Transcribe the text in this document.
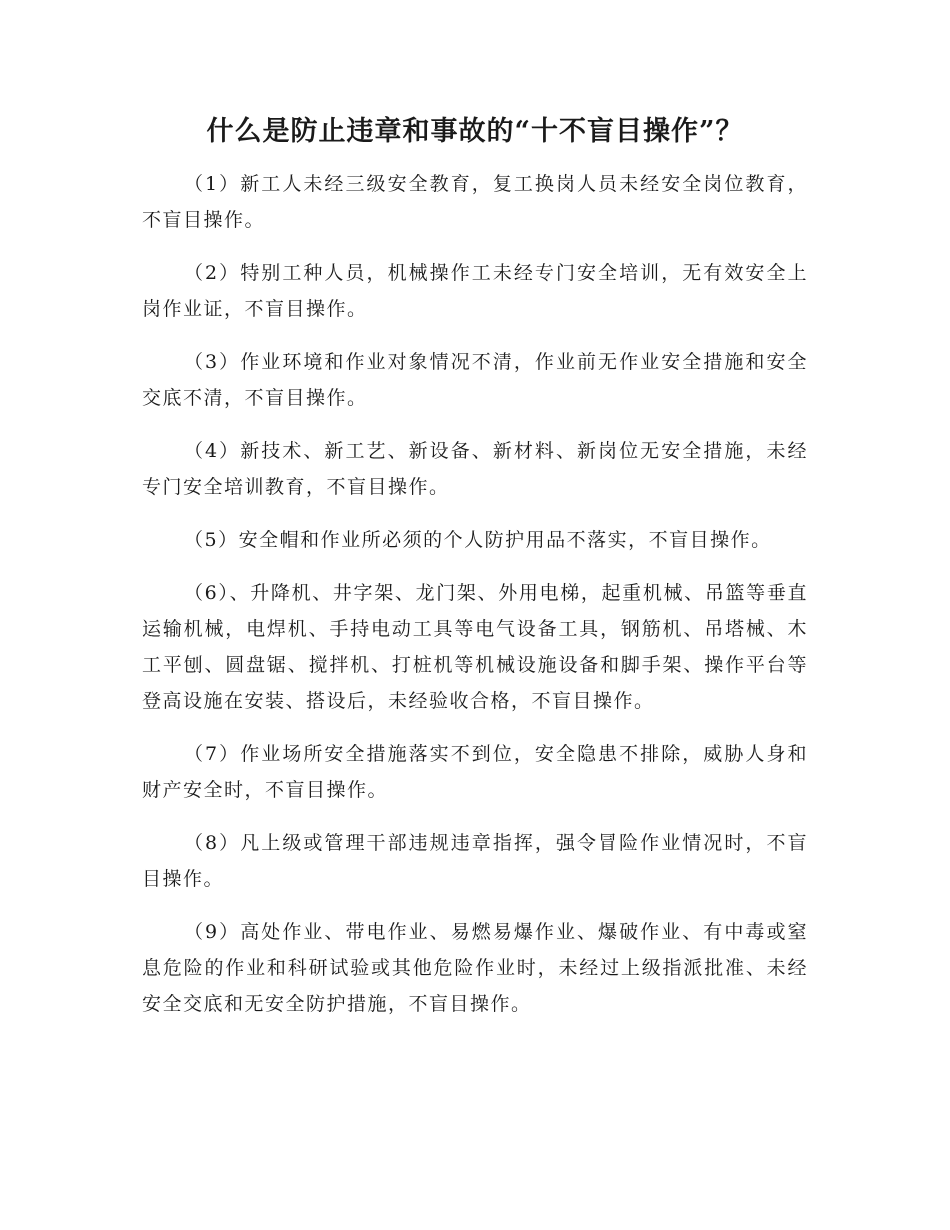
什么是防止违章和事故的“十不盲目操作”？

（1）新工人未经三级安全教育，复工换岗人员未经安全岗位教育，不盲目操作。

（2）特别工种人员，机械操作工未经专门安全培训，无有效安全上岗作业证，不盲目操作。

（3）作业环境和作业对象情况不清，作业前无作业安全措施和安全交底不清，不盲目操作。

（4）新技术、新工艺、新设备、新材料、新岗位无安全措施，未经专门安全培训教育，不盲目操作。

（5）安全帽和作业所必须的个人防护用品不落实，不盲目操作。

（6）、升降机、井字架、龙门架、外用电梯，起重机械、吊篮等垂直运输机械，电焊机、手持电动工具等电气设备工具，钢筋机、吊塔械、木工平刨、圆盘锯、搅拌机、打桩机等机械设施设备和脚手架、操作平台等登高设施在安装、搭设后，未经验收合格，不盲目操作。

（7）作业场所安全措施落实不到位，安全隐患不排除，威胁人身和财产安全时，不盲目操作。

（8）凡上级或管理干部违规违章指挥，强令冒险作业情况时，不盲目操作。

（9）高处作业、带电作业、易燃易爆作业、爆破作业、有中毒或窒息危险的作业和科研试验或其他危险作业时，未经过上级指派批准、未经安全交底和无安全防护措施，不盲目操作。
